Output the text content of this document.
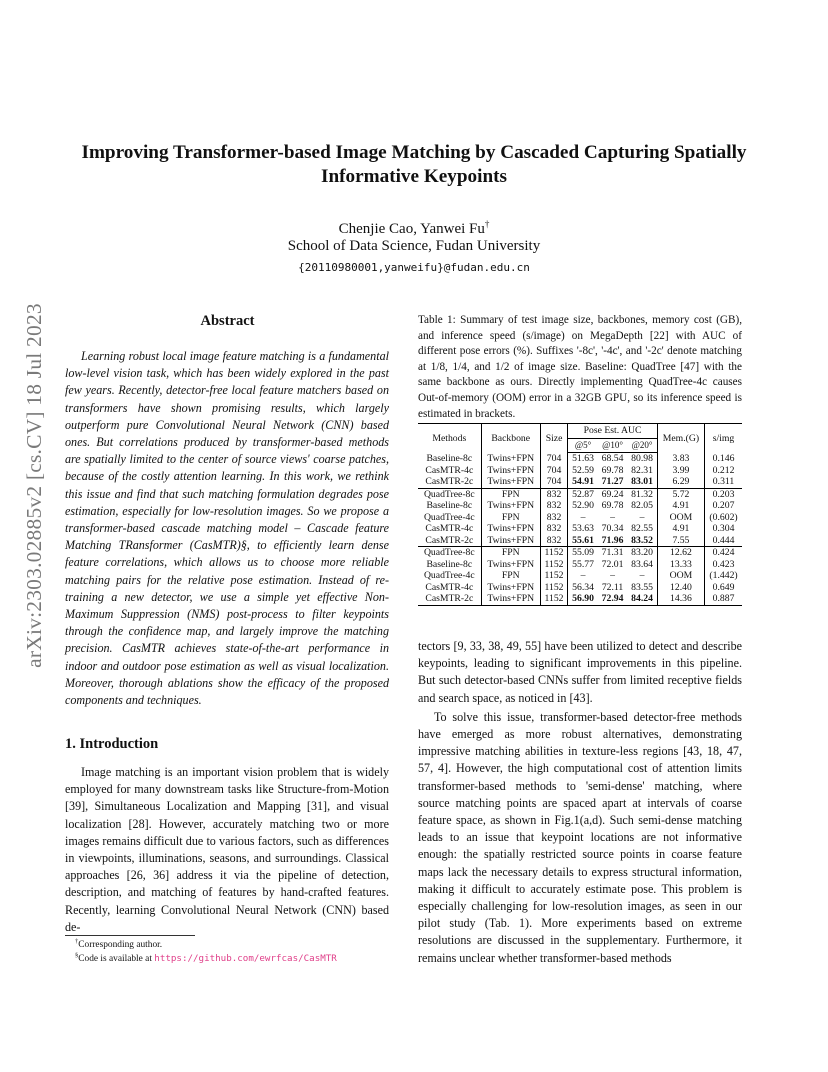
arXiv:2303.02885v2 [cs.CV] 18 Jul 2023
Improving Transformer-based Image Matching by Cascaded Capturing Spatially Informative Keypoints
Chenjie Cao, Yanwei Fu†
School of Data Science, Fudan University
{20110980001,yanweifu}@fudan.edu.cn
Abstract

Learning robust local image feature matching is a fundamental low-level vision task, which has been widely explored in the past few years. Recently, detector-free local feature matchers based on transformers have shown promising results, which largely outperform pure Convolutional Neural Network (CNN) based ones. But correlations produced by transformer-based methods are spatially limited to the center of source views' coarse patches, because of the costly attention learning. In this work, we rethink this issue and find that such matching formulation degrades pose estimation, especially for low-resolution images. So we propose a transformer-based cascade matching model – Cascade feature Matching TRansformer (CasMTR)§, to efficiently learn dense feature correlations, which allows us to choose more reliable matching pairs for the relative pose estimation. Instead of re-training a new detector, we use a simple yet effective Non-Maximum Suppression (NMS) post-process to filter keypoints through the confidence map, and largely improve the matching precision. CasMTR achieves state-of-the-art performance in indoor and outdoor pose estimation as well as visual localization. Moreover, thorough ablations show the efficacy of the proposed components and techniques.

1. Introduction

Image matching is an important vision problem that is widely employed for many downstream tasks like Structure-from-Motion [39], Simultaneous Localization and Mapping [31], and visual localization [28]. However, accurately matching two or more images remains difficult due to various factors, such as differences in viewpoints, illuminations, seasons, and surroundings. Classical approaches [26, 36] address it via the pipeline of detection, description, and matching of features by hand-crafted features. Recently, learning Convolutional Neural Network (CNN) based de-

†Corresponding author.
§Code is available at https://github.com/ewrfcas/CasMTR

Table 1: Summary of test image size, backbones, memory cost (GB), and inference speed (s/image) on MegaDepth [22] with AUC of different pose errors (%). Suffixes '-8c', '-4c', and '-2c' denote matching at 1/8, 1/4, and 1/2 of image size. Baseline: QuadTree [47] with the same backbone as ours. Directly implementing QuadTree-4c causes Out-of-memory (OOM) error in a 32GB GPU, so its inference speed is estimated in brackets.

Methods	Backbone	Size	Pose Est. AUC			Mem.(G)	s/img
			@5°	@10°	@20°		
Baseline-8c	Twins+FPN	704	51.63	68.54	80.98	3.83	0.146
CasMTR-4c	Twins+FPN	704	52.59	69.78	82.31	3.99	0.212
CasMTR-2c	Twins+FPN	704	54.91	71.27	83.01	6.29	0.311
QuadTree-8c	FPN	832	52.87	69.24	81.32	5.72	0.203
Baseline-8c	Twins+FPN	832	52.90	69.78	82.05	4.91	0.207
QuadTree-4c	FPN	832	–	–	–	OOM	(0.602)
CasMTR-4c	Twins+FPN	832	53.63	70.34	82.55	4.91	0.304
CasMTR-2c	Twins+FPN	832	55.61	71.96	83.52	7.55	0.444
QuadTree-8c	FPN	1152	55.09	71.31	83.20	12.62	0.424
Baseline-8c	Twins+FPN	1152	55.77	72.01	83.64	13.33	0.423
QuadTree-4c	FPN	1152	–	–	–	OOM	(1.442)
CasMTR-4c	Twins+FPN	1152	56.34	72.11	83.55	12.40	0.649
CasMTR-2c	Twins+FPN	1152	56.90	72.94	84.24	14.36	0.887

tectors [9, 33, 38, 49, 55] have been utilized to detect and describe keypoints, leading to significant improvements in this pipeline. But such detector-based CNNs suffer from limited receptive fields and search space, as noticed in [43].

To solve this issue, transformer-based detector-free methods have emerged as more robust alternatives, demonstrating impressive matching abilities in texture-less regions [43, 18, 47, 57, 4]. However, the high computational cost of attention limits transformer-based methods to 'semi-dense' matching, where source matching points are spaced apart at intervals of coarse feature space, as shown in Fig.1(a,d). Such semi-dense matching leads to an issue that keypoint locations are not informative enough: the spatially restricted source points in coarse feature maps lack the necessary details to express structural information, making it difficult to accurately estimate pose. This problem is especially challenging for low-resolution images, as seen in our pilot study (Tab. 1). More experiments based on extreme resolutions are discussed in the supplementary. Furthermore, it remains unclear whether transformer-based methods
